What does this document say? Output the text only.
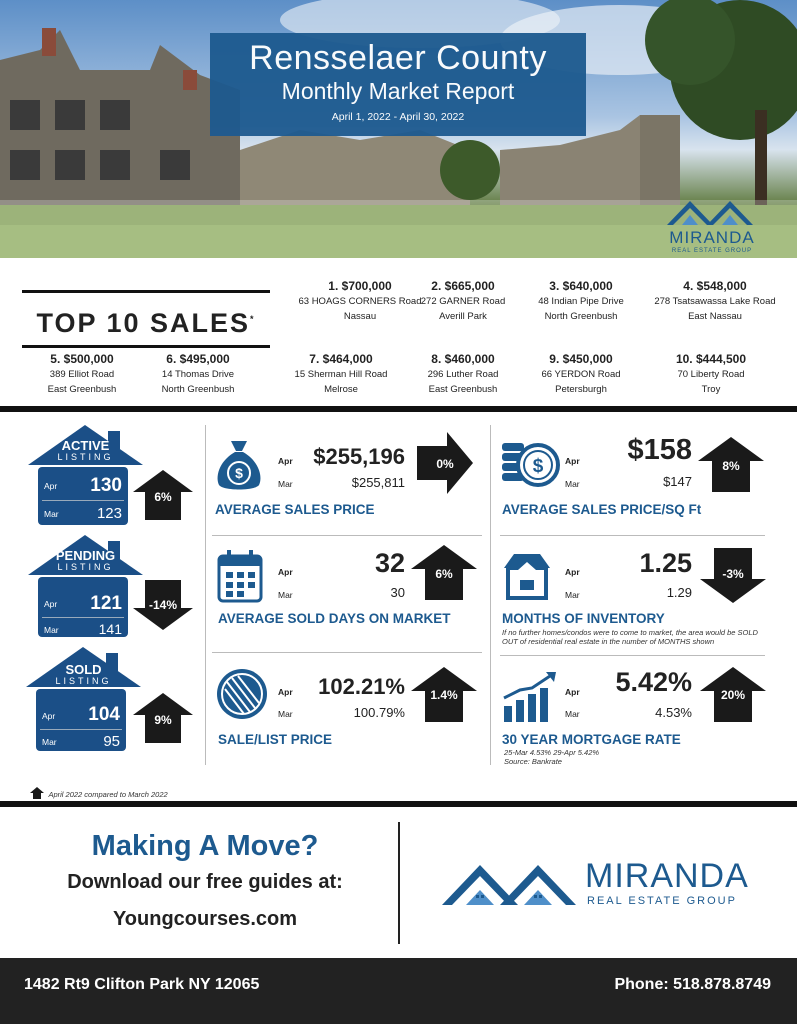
Rensselaer County
Monthly Market Report
April 1, 2022 - April 30, 2022
MIRANDA
REAL ESTATE GROUP
TOP 10 SALES*
1. $700,000
63 HOAGS CORNERS Road
Nassau
2. $665,000
272 GARNER Road
Averill Park
3. $640,000
48 Indian Pipe Drive
North Greenbush
4. $548,000
278 Tsatsawassa Lake Road
East Nassau
5. $500,000
389 Elliot Road
East Greenbush
6. $495,000
14 Thomas Drive
North Greenbush
7. $464,000
15 Sherman Hill Road
Melrose
8. $460,000
296 Luther Road
East Greenbush
9. $450,000
66 YERDON Road
Petersburgh
10. $444,500
70 Liberty Road
Troy
ACTIVE
LISTING
Apr 130
Mar	123
6%
PENDING
LISTING
Apr 121
Mar	141
-14%
SOLD
LISTING
Apr 104
Mar	95
9%
$
Apr $255,196
Mar	$255,811
0%
AVERAGE SALES PRICE
$	Apr	$158
Mar	$147
8%
AVERAGE SALES PRICE/SQ Ft
Apr	32
Mar	30
6%
AVERAGE SOLD DAYS ON MARKET
Apr	1.25
Mar	1.29
-3%
MONTHS OF INVENTORY
If no further homes/condos were to come to market, the area would be SOLD OUT of residential real estate in the number of MONTHS shown
Apr	102.21%
Mar	100.79%
1.4%
SALE/LIST PRICE
Apr	5.42%
Mar	4.53%
20%
30 YEAR MORTGAGE RATE
25-Mar 4.53% 29-Apr 5.42%
Source: Bankrate
April 2022 compared to March 2022
Making A Move?
Download our free guides at:
Youngcourses.com
MIRANDA
REAL ESTATE GROUP
1482 Rt9 Clifton Park NY 12065	Phone: 518.878.8749
